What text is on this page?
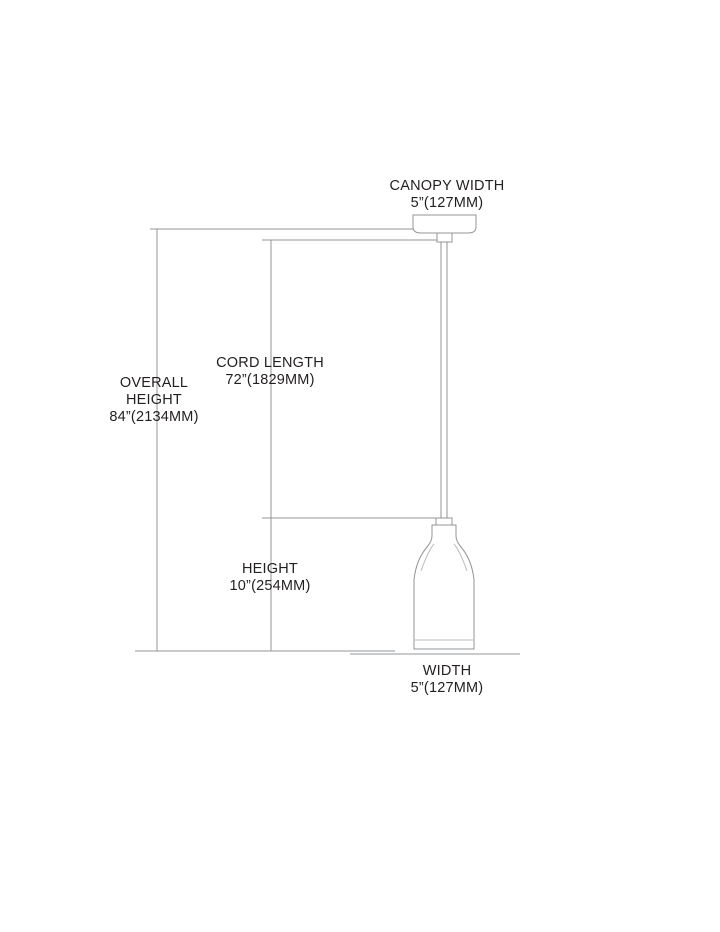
CANOPY WIDTH
5”(127MM)
CORD LENGTH
72”(1829MM)
OVERALL
HEIGHT
84”(2134MM)
HEIGHT
10”(254MM)
WIDTH
5”(127MM)
